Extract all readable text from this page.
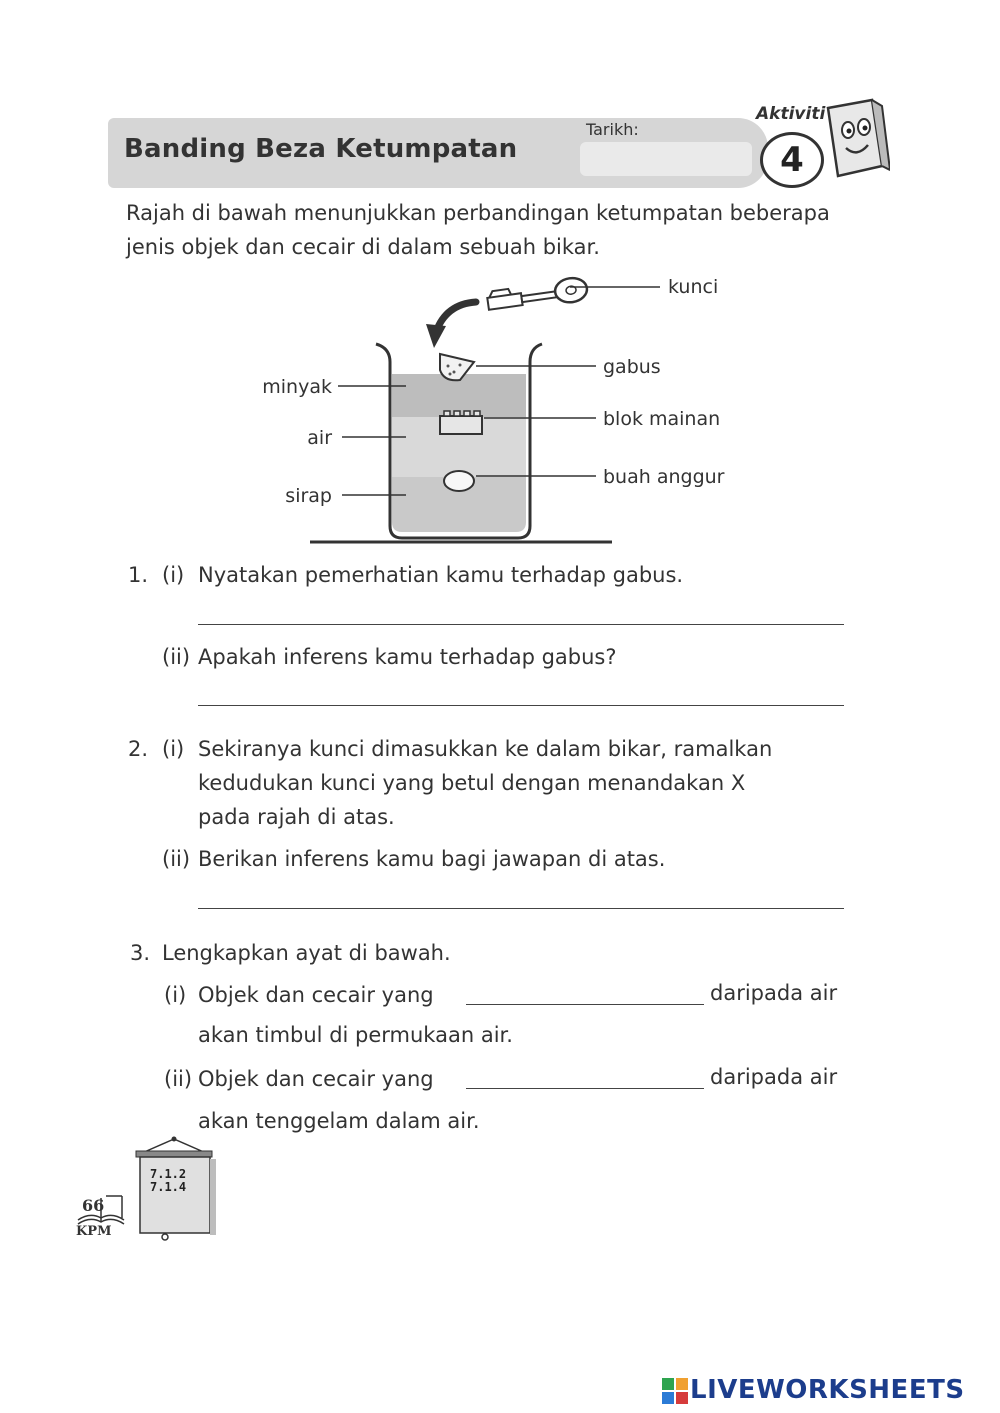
Banding Beza Ketumpatan
Tarikh:
Aktiviti
4
Rajah di bawah menunjukkan perbandingan ketumpatan beberapa jenis objek dan cecair di dalam sebuah bikar.
minyak
air
sirap
kunci
gabus
blok mainan
buah anggur
1. (i) Nyatakan pemerhatian kamu terhadap gabus.
(ii) Apakah inferens kamu terhadap gabus?
2. (i) Sekiranya kunci dimasukkan ke dalam bikar, ramalkan
kedudukan kunci yang betul dengan menandakan X
pada rajah di atas.
(ii) Berikan inferens kamu bagi jawapan di atas.
3. Lengkapkan ayat di bawah.
(i) Objek dan cecair yang	daripada air
akan timbul di permukaan air.
(ii) Objek dan cecair yang	daripada air
akan tenggelam dalam air.
7.1.2
7.1.4
66
KPM
LIVEWORKSHEETS
